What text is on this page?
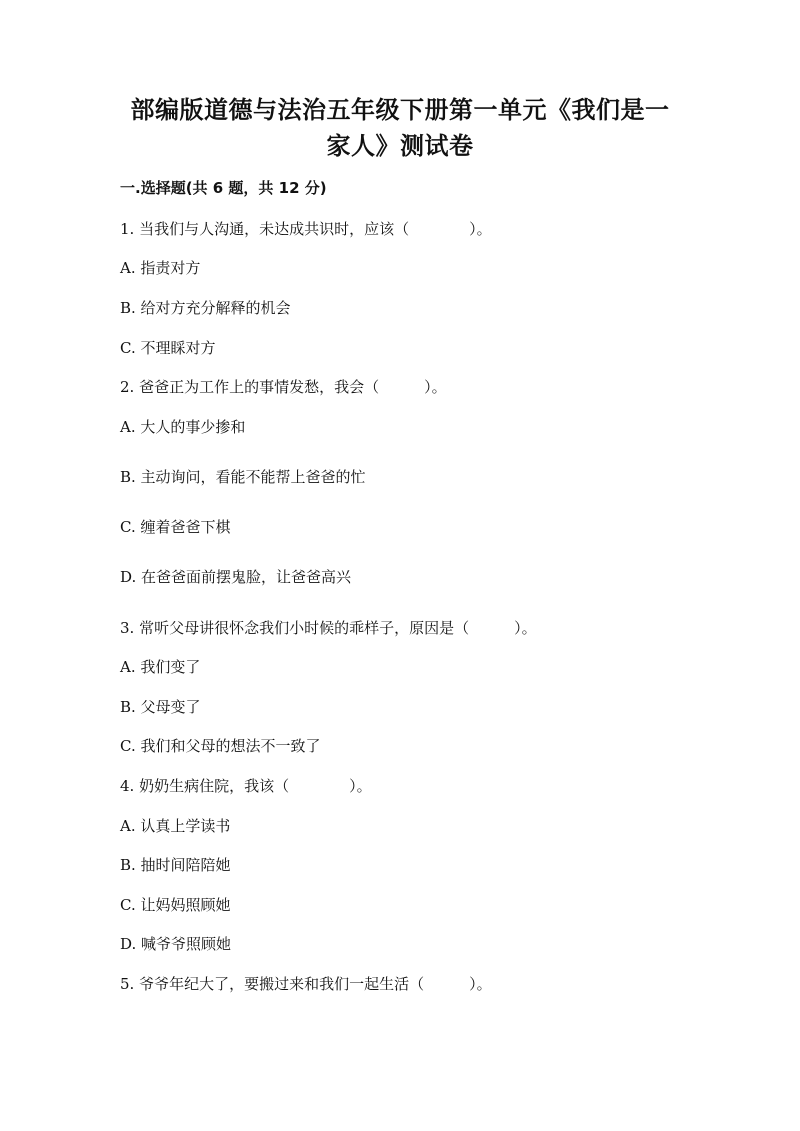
部编版道德与法治五年级下册第一单元《我们是一
家人》测试卷
一.选择题(共 6 题，共 12 分)
1. 当我们与人沟通，未达成共识时，应该（　　　　）。
A. 指责对方
B. 给对方充分解释的机会
C. 不理睬对方
2. 爸爸正为工作上的事情发愁，我会（　　　）。
A. 大人的事少掺和
B. 主动询问，看能不能帮上爸爸的忙
C. 缠着爸爸下棋
D. 在爸爸面前摆鬼脸，让爸爸高兴
3. 常听父母讲很怀念我们小时候的乖样子，原因是（　　　）。
A. 我们变了
B. 父母变了
C. 我们和父母的想法不一致了
4. 奶奶生病住院，我该（　　　　）。
A. 认真上学读书
B. 抽时间陪陪她
C. 让妈妈照顾她
D. 喊爷爷照顾她
5. 爷爷年纪大了，要搬过来和我们一起生活（　　　）。
